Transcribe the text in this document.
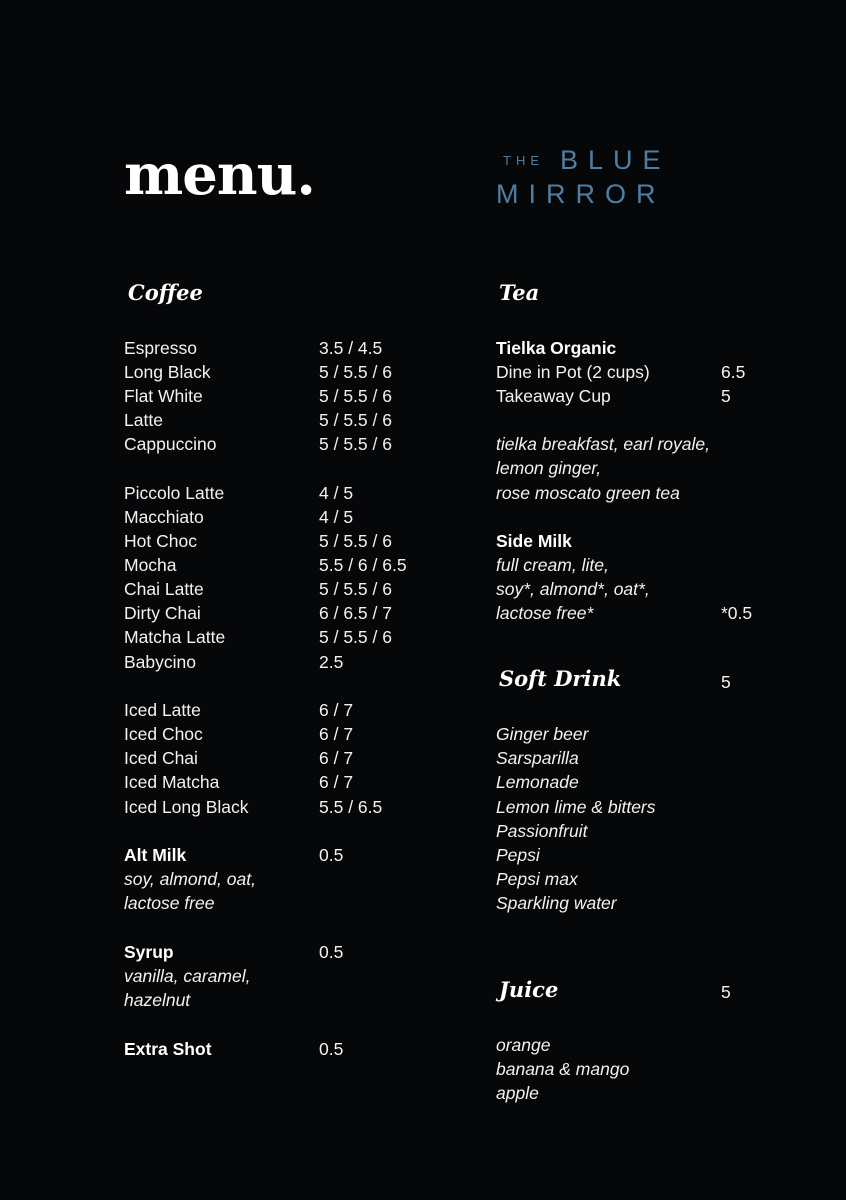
menu.	THE BLUE
MIRROR
Coffee
Espresso	3.5 / 4.5
Long Black	5 / 5.5 / 6
Flat White	5 / 5.5 / 6
Latte	5 / 5.5 / 6
Cappuccino	5 / 5.5 / 6
Piccolo Latte	4 / 5
Macchiato	4 / 5
Hot Choc	5 / 5.5 / 6
Mocha	5.5 / 6 / 6.5
Chai Latte	5 / 5.5 / 6
Dirty Chai	6 / 6.5 / 7
Matcha Latte	5 / 5.5 / 6
Babycino	2.5
Iced Latte	6 / 7
Iced Choc	6 / 7
Iced Chai	6 / 7
Iced Matcha	6 / 7
Iced Long Black	5.5 / 6.5
Alt Milk	0.5
soy, almond, oat,
lactose free
Syrup	0.5
vanilla, caramel,
hazelnut
Extra Shot	0.5
Tea
Tielka Organic
Dine in Pot (2 cups)	6.5
Takeaway Cup	5
tielka breakfast, earl royale,
lemon ginger,
rose moscato green tea
Side Milk
full cream, lite,
soy*, almond*, oat*,
lactose free*	*0.5
Soft Drink	5
Ginger beer
Sarsparilla
Lemonade
Lemon lime & bitters
Passionfruit
Pepsi
Pepsi max
Sparkling water
Juice	5
orange
banana & mango
apple
